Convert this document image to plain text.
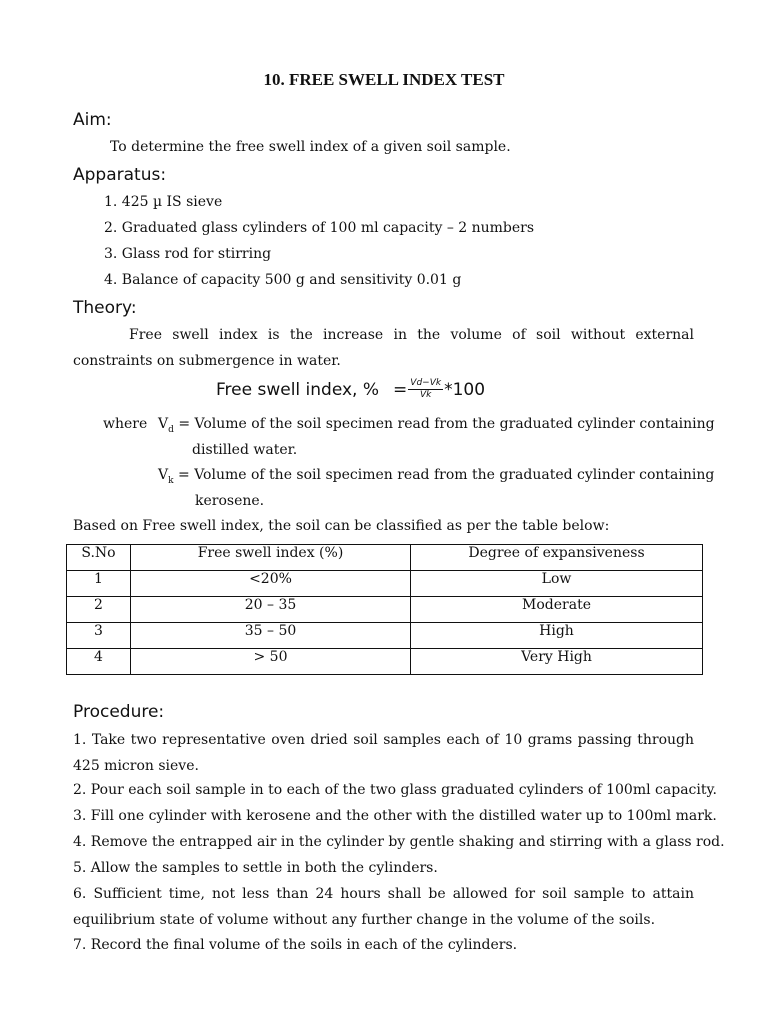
10. FREE SWELL INDEX TEST
Aim:
To determine the free swell index of a given soil sample.
Apparatus:
1. 425 µ IS sieve
2. Graduated glass cylinders of 100 ml capacity – 2 numbers
3. Glass rod for stirring
4. Balance of capacity 500 g and sensitivity 0.01 g
Theory:
Free swell index is the increase in the volume of soil without external constraints on submergence in water.
Free swell index, % = $\frac{Vd-Vk}{Vk} *100$
where $V_d$ = Volume of the soil specimen read from the graduated cylinder containing
distilled water.
$V_k$ = Volume of the soil specimen read from the graduated cylinder containing
kerosene.
Based on Free swell index, the soil can be classified as per the table below:
S.No	Free swell index (%)	Degree of expansiveness
1	<20%	Low
2	20 – 35	Moderate
3	35 – 50	High
4	> 50	Very High
Procedure:
1. Take two representative oven dried soil samples each of 10 grams passing through 425 micron sieve.
2. Pour each soil sample in to each of the two glass graduated cylinders of 100ml capacity.
3. Fill one cylinder with kerosene and the other with the distilled water up to 100ml mark.
4. Remove the entrapped air in the cylinder by gentle shaking and stirring with a glass rod.
5. Allow the samples to settle in both the cylinders.
6. Sufficient time, not less than 24 hours shall be allowed for soil sample to attain equilibrium state of volume without any further change in the volume of the soils.
7. Record the final volume of the soils in each of the cylinders.
